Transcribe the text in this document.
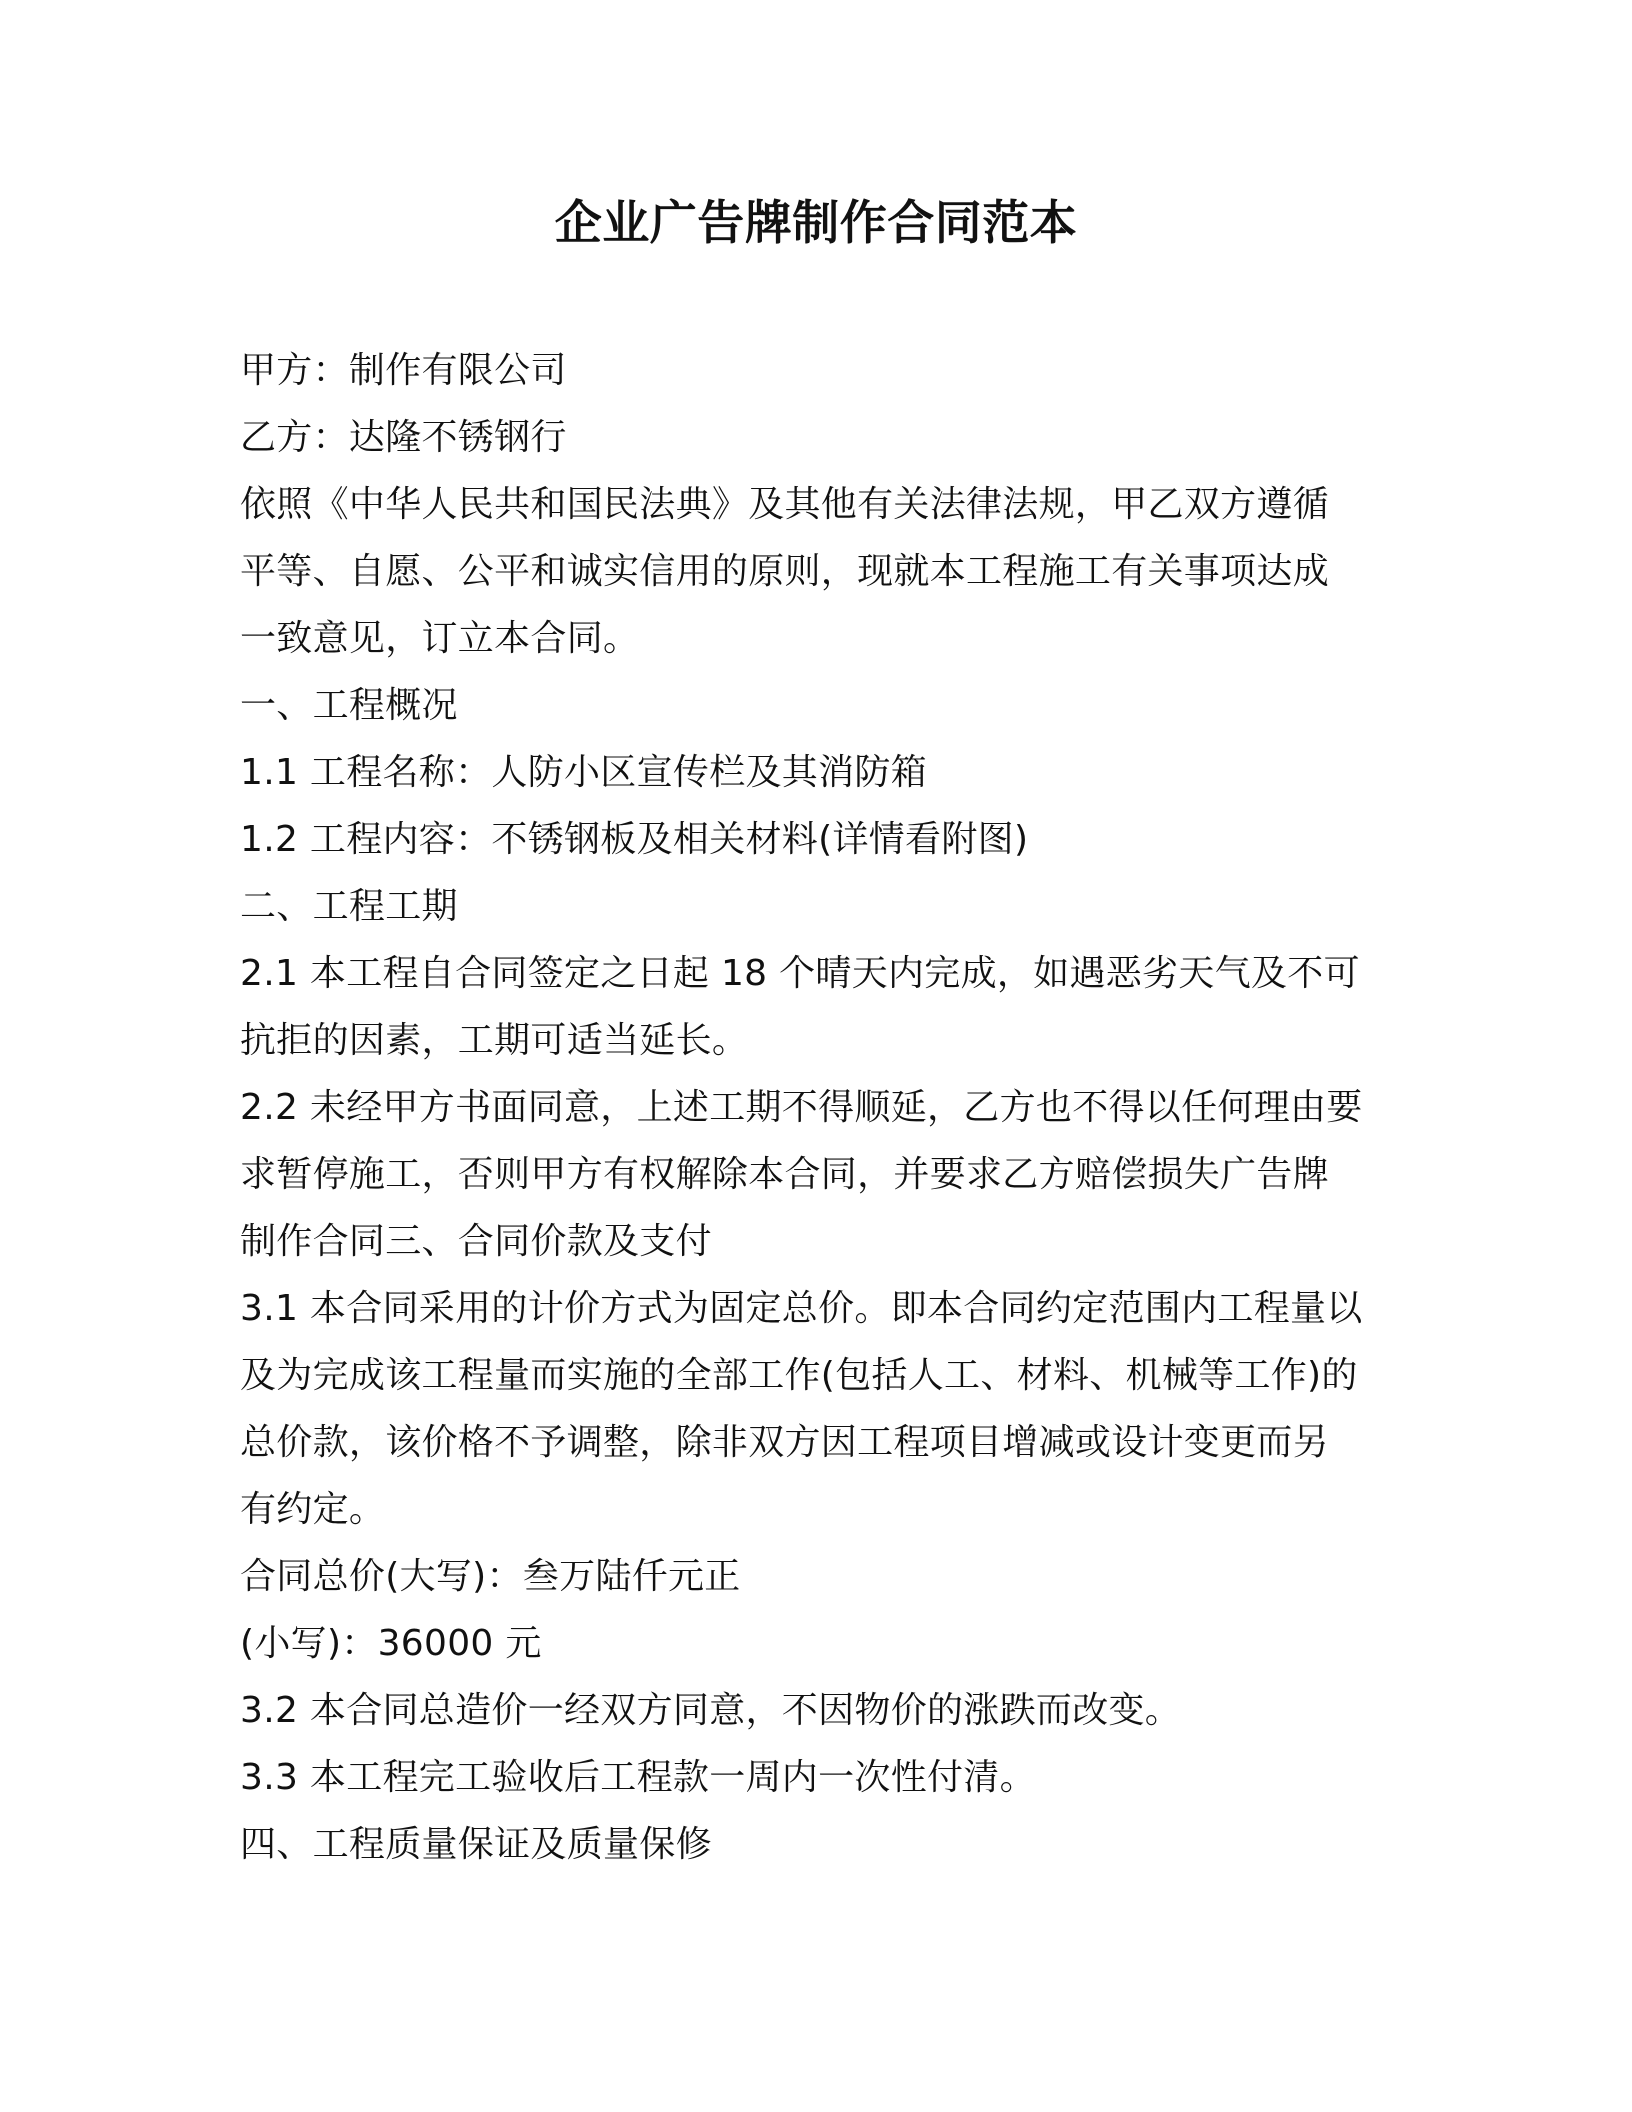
企业广告牌制作合同范本
甲方：制作有限公司
乙方：达隆不锈钢行
依照《中华人民共和国民法典》及其他有关法律法规，甲乙双方遵循
平等、自愿、公平和诚实信用的原则，现就本工程施工有关事项达成
一致意见，订立本合同。
一、工程概况
1.1 工程名称：人防小区宣传栏及其消防箱
1.2 工程内容：不锈钢板及相关材料(详情看附图)
二、工程工期
2.1 本工程自合同签定之日起 18 个晴天内完成，如遇恶劣天气及不可
抗拒的因素，工期可适当延长。
2.2 未经甲方书面同意，上述工期不得顺延，乙方也不得以任何理由要
求暂停施工，否则甲方有权解除本合同，并要求乙方赔偿损失广告牌
制作合同三、合同价款及支付
3.1 本合同采用的计价方式为固定总价。即本合同约定范围内工程量以
及为完成该工程量而实施的全部工作(包括人工、材料、机械等工作)的
总价款，该价格不予调整，除非双方因工程项目增减或设计变更而另
有约定。
合同总价(大写)：叁万陆仟元正
(小写)：36000 元
3.2 本合同总造价一经双方同意，不因物价的涨跌而改变。
3.3 本工程完工验收后工程款一周内一次性付清。
四、工程质量保证及质量保修
